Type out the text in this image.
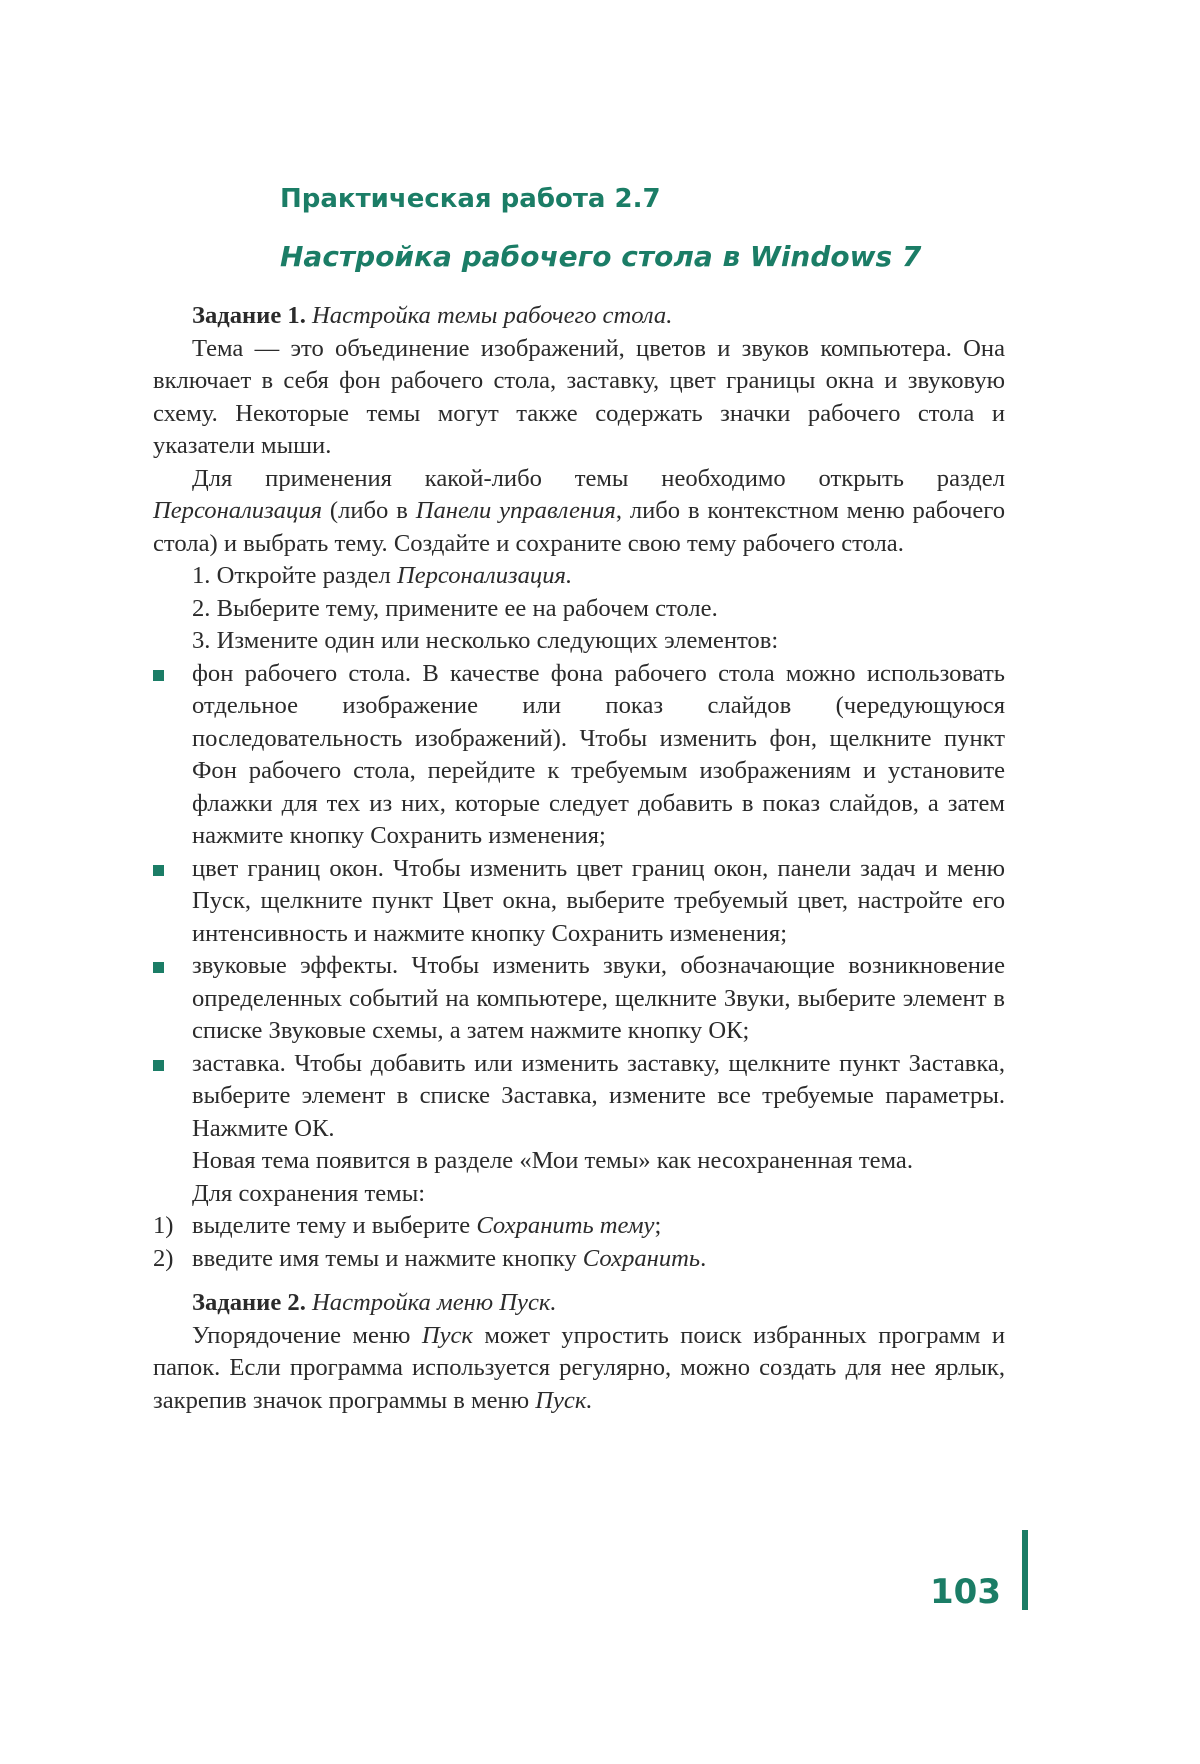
Практическая работа 2.7
Настройка рабочего стола в Windows 7

Задание 1. Настройка темы рабочего стола.

Тема — это объединение изображений, цветов и звуков компьютера. Она включает в себя фон рабочего стола, заставку, цвет границы окна и звуковую схему. Некоторые темы могут также содержать значки рабочего стола и указатели мыши.

Для применения какой-либо темы необходимо открыть раздел Персонализация (либо в Панели управления, либо в контекстном меню рабочего стола) и выбрать тему. Создайте и сохраните свою тему рабочего стола.

1. Откройте раздел Персонализация.

2. Выберите тему, примените ее на рабочем столе.

3. Измените один или несколько следующих элементов:

фон рабочего стола. В качестве фона рабочего стола можно использовать отдельное изображение или показ слайдов (чередующуюся последовательность изображений). Чтобы изменить фон, щелкните пункт Фон рабочего стола, перейдите к требуемым изображениям и установите флажки для тех из них, которые следует добавить в показ слайдов, а затем нажмите кнопку Сохранить изменения;
цвет границ окон. Чтобы изменить цвет границ окон, панели задач и меню Пуск, щелкните пункт Цвет окна, выберите требуемый цвет, настройте его интенсивность и нажмите кнопку Сохранить изменения;
звуковые эффекты. Чтобы изменить звуки, обозначающие возникновение определенных событий на компьютере, щелкните Звуки, выберите элемент в списке Звуковые схемы, а затем нажмите кнопку ОК;
заставка. Чтобы добавить или изменить заставку, щелкните пункт Заставка, выберите элемент в списке Заставка, измените все требуемые параметры. Нажмите ОК.

Новая тема появится в разделе «Мои темы» как несохраненная тема.

Для сохранения темы:

1) выделите тему и выберите Сохранить тему;
2) введите имя темы и нажмите кнопку Сохранить.

Задание 2. Настройка меню Пуск.

Упорядочение меню Пуск может упростить поиск избранных программ и папок. Если программа используется регулярно, можно создать для нее ярлык, закрепив значок программы в меню Пуск.

103
